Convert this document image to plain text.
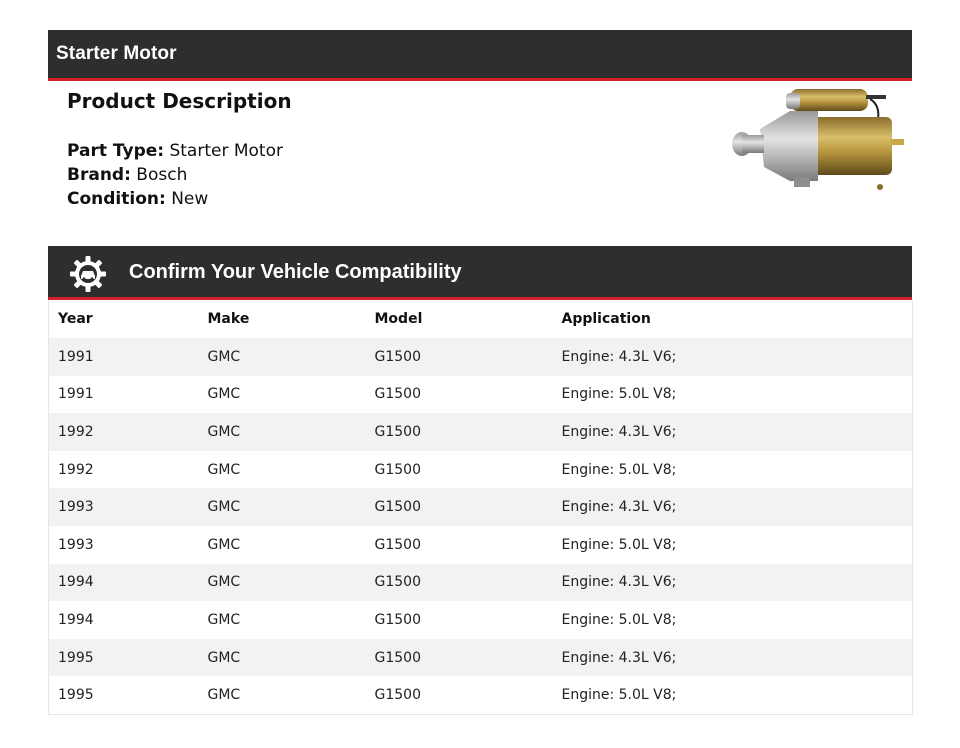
Starter Motor
Product Description
Part Type: Starter Motor
Brand: Bosch
Condition: New
Confirm Your Vehicle Compatibility
Year	Make	Model	Application
1991	GMC	G1500	Engine: 4.3L V6;
1991	GMC	G1500	Engine: 5.0L V8;
1992	GMC	G1500	Engine: 4.3L V6;
1992	GMC	G1500	Engine: 5.0L V8;
1993	GMC	G1500	Engine: 4.3L V6;
1993	GMC	G1500	Engine: 5.0L V8;
1994	GMC	G1500	Engine: 4.3L V6;
1994	GMC	G1500	Engine: 5.0L V8;
1995	GMC	G1500	Engine: 4.3L V6;
1995	GMC	G1500	Engine: 5.0L V8;
